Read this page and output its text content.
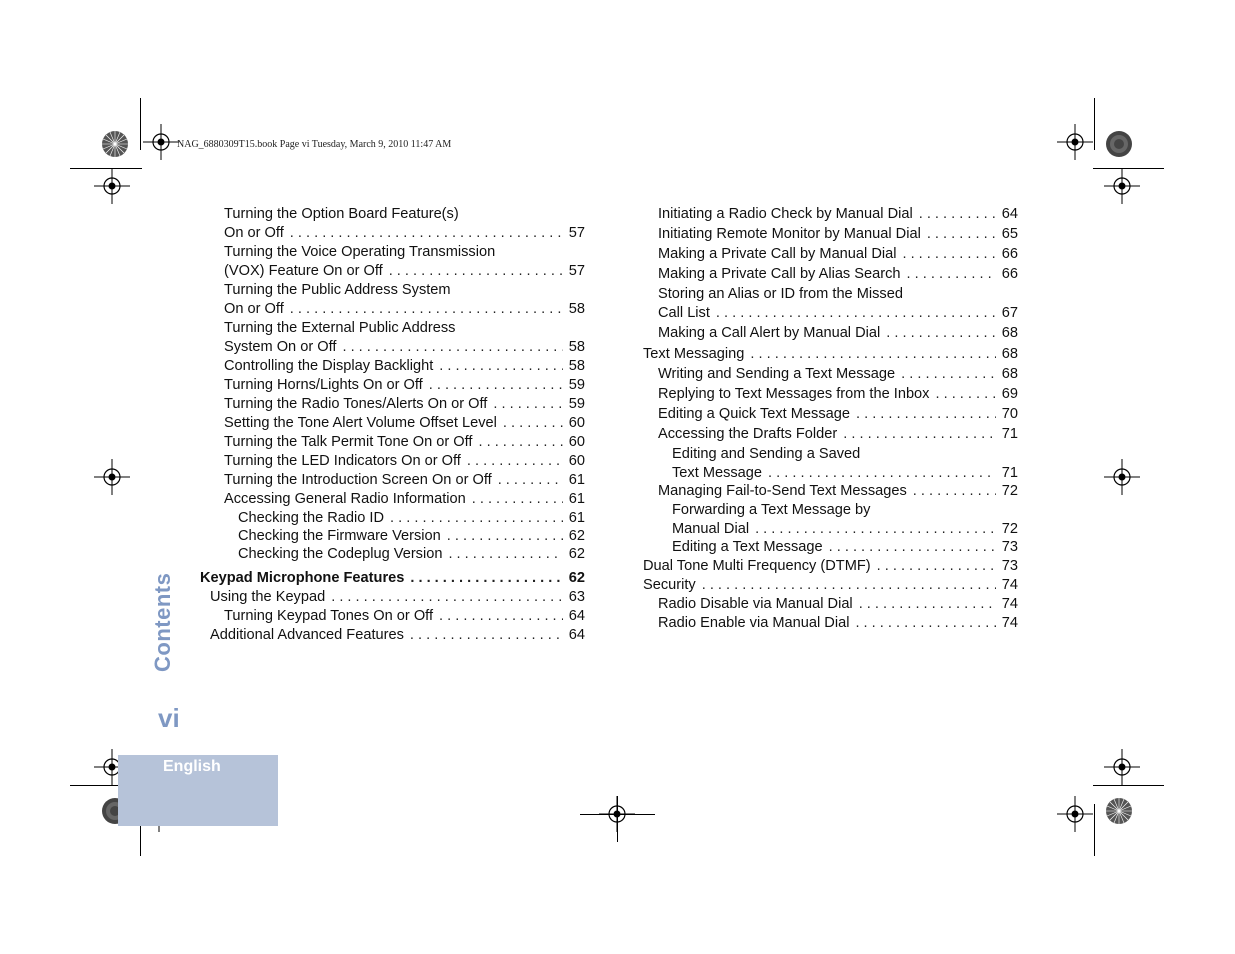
NAG_6880309T15.book Page vi Tuesday, March 9, 2010 11:47 AM
English
Contents
vi
Turning the Option Board Feature(s)
On or Off . . .	57
Turning the Voice Operating Transmission
(VOX) Feature On or Off . . .	57
Turning the Public Address System
On or Off . . .	58
Turning the External Public Address
System On or Off . . .	58
Controlling the Display Backlight . . .	58
Turning Horns/Lights On or Off . . .	59
Turning the Radio Tones/Alerts On or Off . . .	59
Setting the Tone Alert Volume Offset Level . . .	60
Turning the Talk Permit Tone On or Off . . .	60
Turning the LED Indicators On or Off . . .	60
Turning the Introduction Screen On or Off . . .	61
Accessing General Radio Information . . .	61
Checking the Radio ID . . .	61
Checking the Firmware Version . . .	62
Checking the Codeplug Version . . .	62
Keypad Microphone Features . . .	62
Using the Keypad . . .	63
Turning Keypad Tones On or Off . . .	64
Additional Advanced Features . . .	64
Initiating a Radio Check by Manual Dial . . .	64
Initiating Remote Monitor by Manual Dial . . .	65
Making a Private Call by Manual Dial . . .	66
Making a Private Call by Alias Search . . .	66
Storing an Alias or ID from the Missed
Call List . . .	67
Making a Call Alert by Manual Dial . . .	68
Text Messaging . . .	68
Writing and Sending a Text Message . . .	68
Replying to Text Messages from the Inbox . . .	69
Editing a Quick Text Message . . .	70
Accessing the Drafts Folder . . .	71
Editing and Sending a Saved
Text Message . . .	71
Managing Fail-to-Send Text Messages . . .	72
Forwarding a Text Message by
Manual Dial . . .	72
Editing a Text Message . . .	73
Dual Tone Multi Frequency (DTMF) . . .	73
Security . . .	74
Radio Disable via Manual Dial . . .	74
Radio Enable via Manual Dial . . .	74
